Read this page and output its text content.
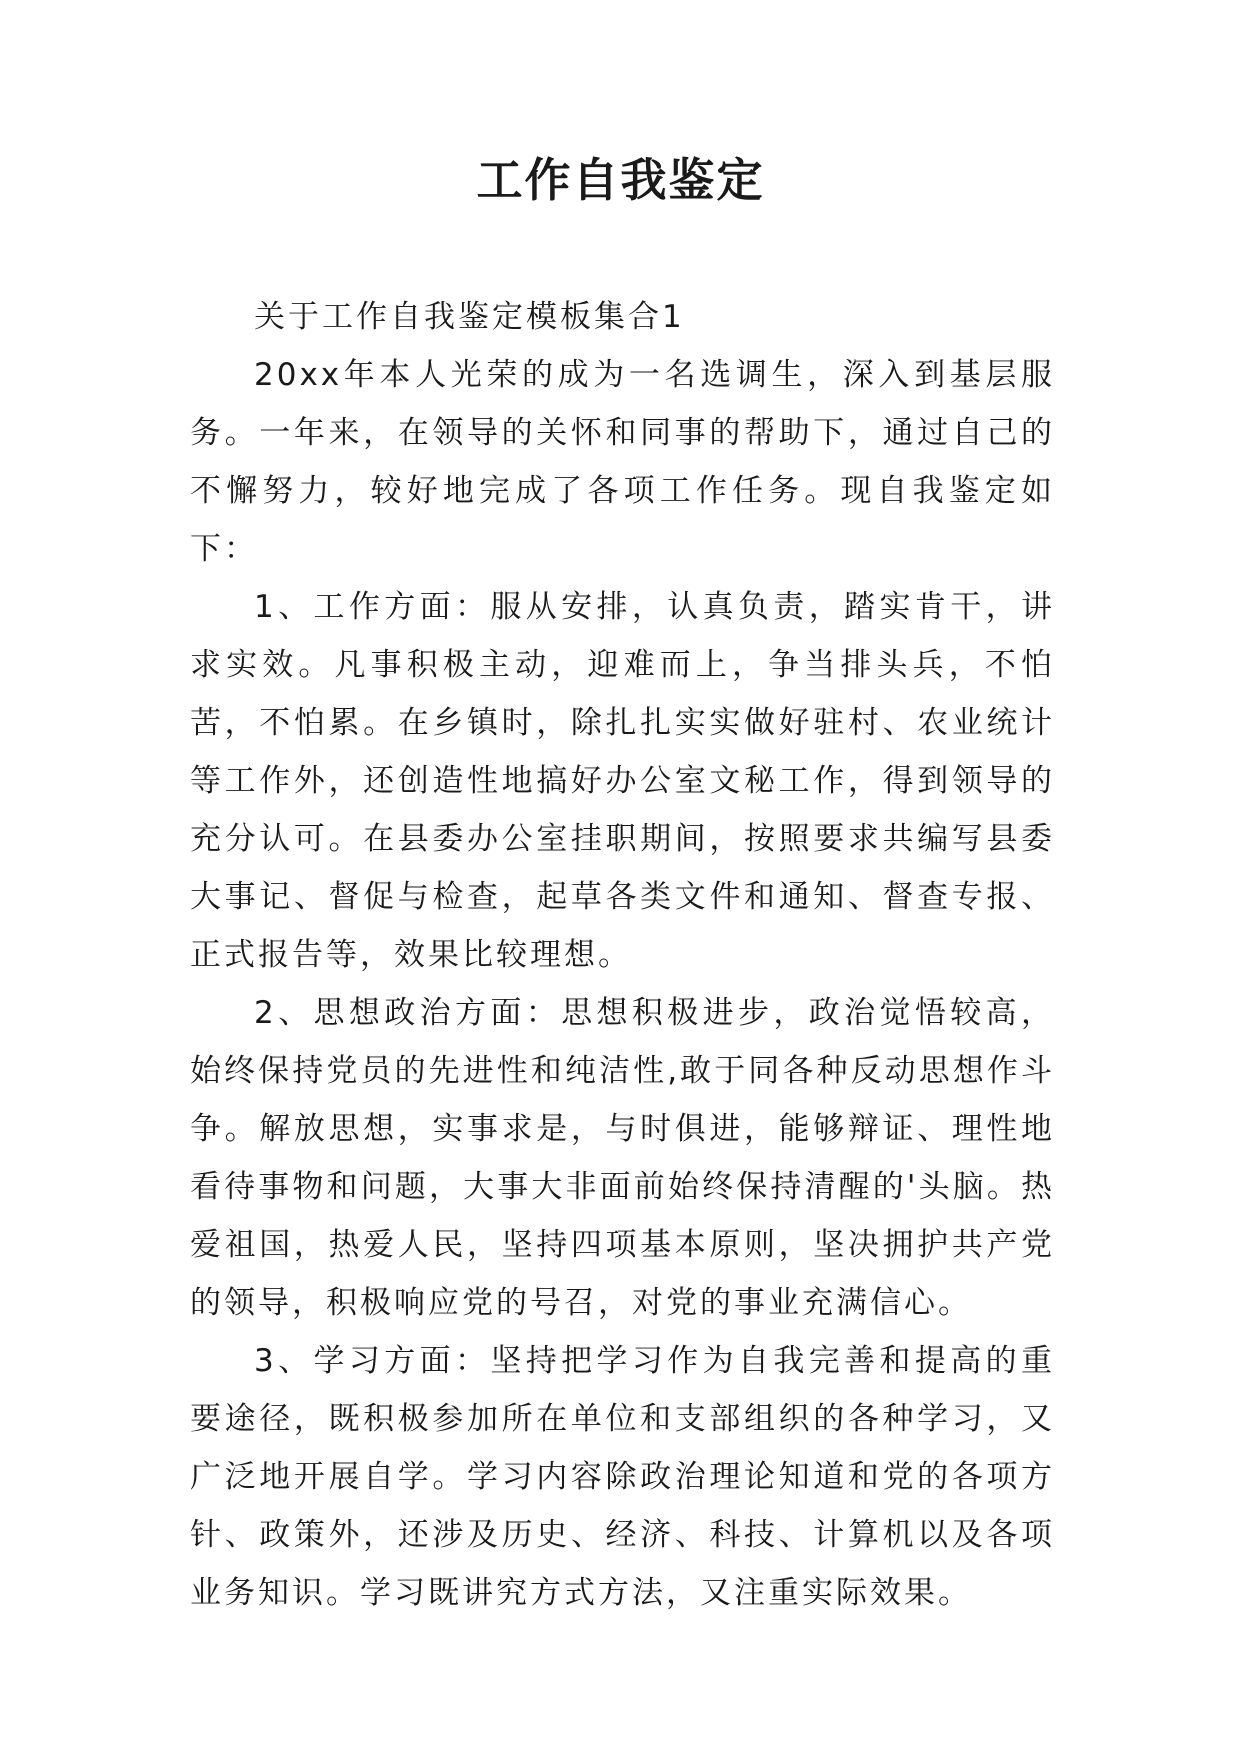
工作自我鉴定

关于工作自我鉴定模板集合1

20xx年本人光荣的成为一名选调生，深入到基层服务。一年来，在领导的关怀和同事的帮助下，通过自己的不懈努力，较好地完成了各项工作任务。现自我鉴定如下：

1、工作方面：服从安排，认真负责，踏实肯干，讲求实效。凡事积极主动，迎难而上，争当排头兵，不怕苦，不怕累。在乡镇时，除扎扎实实做好驻村、农业统计等工作外，还创造性地搞好办公室文秘工作，得到领导的充分认可。在县委办公室挂职期间，按照要求共编写县委大事记、督促与检查，起草各类文件和通知、督查专报、正式报告等，效果比较理想。

2、思想政治方面：思想积极进步，政治觉悟较高，始终保持党员的先进性和纯洁性,敢于同各种反动思想作斗争。解放思想，实事求是，与时俱进，能够辩证、理性地看待事物和问题，大事大非面前始终保持清醒的'头脑。热爱祖国，热爱人民，坚持四项基本原则，坚决拥护共产党的领导，积极响应党的号召，对党的事业充满信心。

3、学习方面：坚持把学习作为自我完善和提高的重要途径，既积极参加所在单位和支部组织的各种学习，又广泛地开展自学。学习内容除政治理论知道和党的各项方针、政策外，还涉及历史、经济、科技、计算机以及各项业务知识。学习既讲究方式方法，又注重实际效果。
